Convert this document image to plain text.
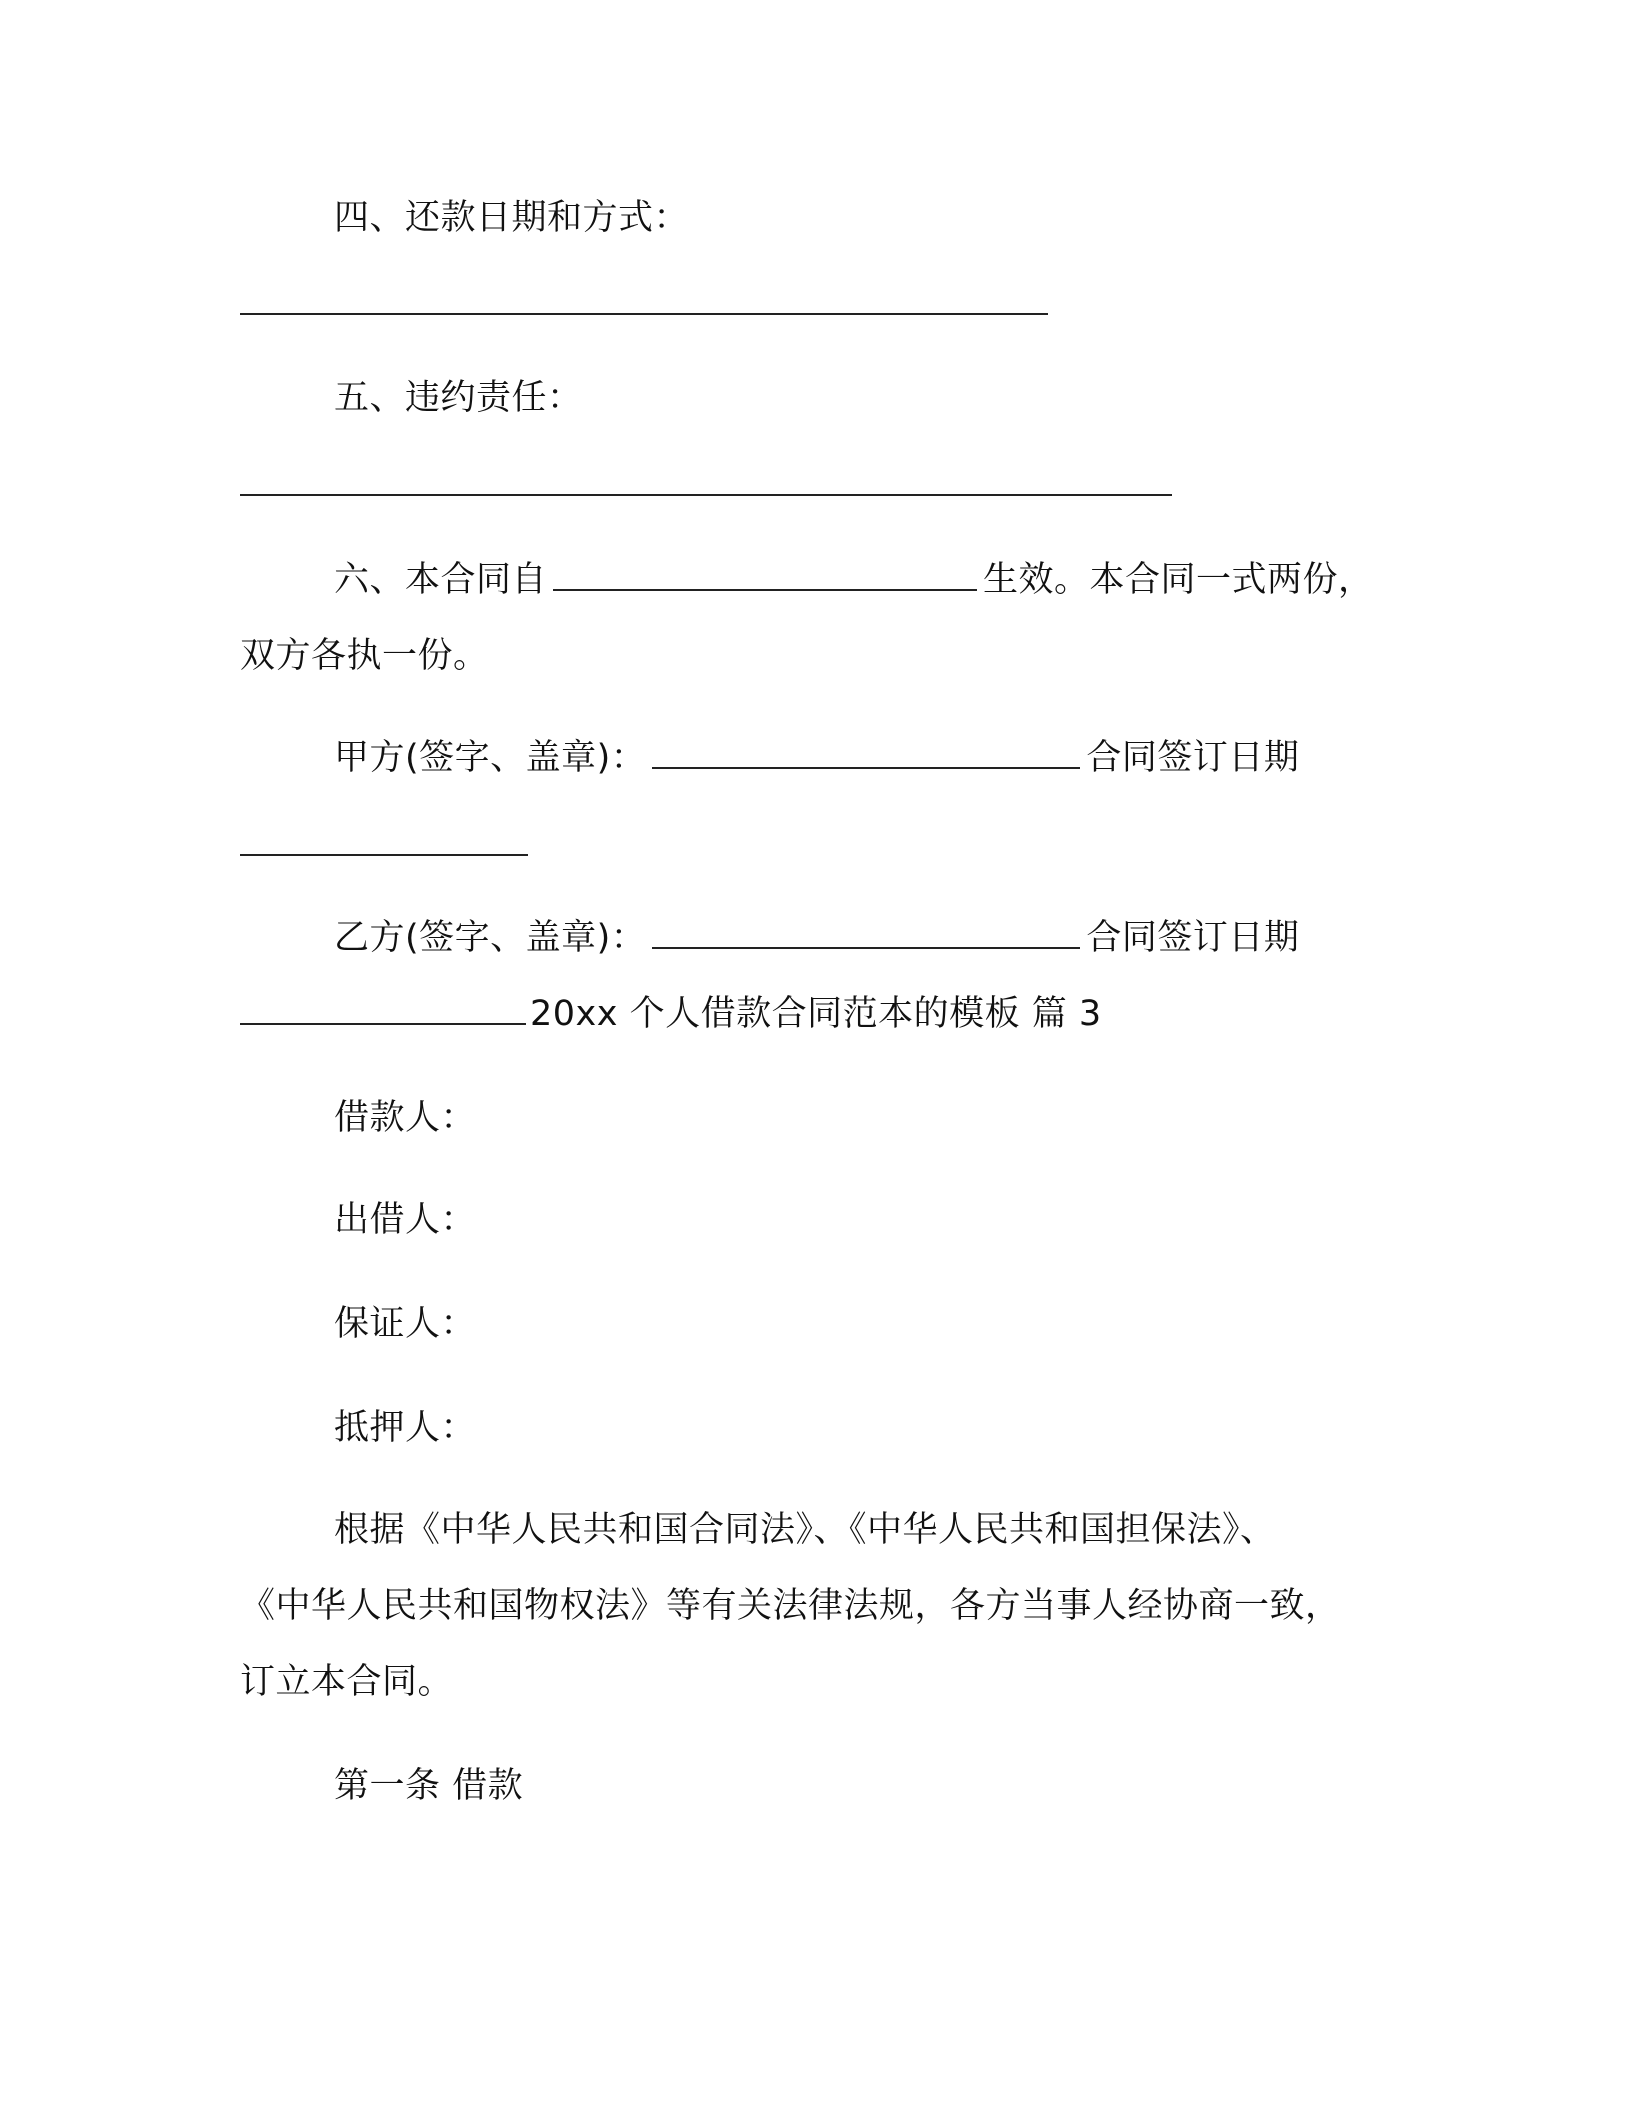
四、还款日期和方式：
五、违约责任：
六、本合同自	生效。本合同一式两份，
双方各执一份。
甲方(签字、盖章)：	合同签订日期
乙方(签字、盖章)：	合同签订日期
20xx 个人借款合同范本的模板 篇 3
借款人：
出借人：
保证人：
抵押人：
根据《中华人民共和国合同法》、《中华人民共和国担保法》、
《中华人民共和国物权法》等有关法律法规，各方当事人经协商一致，
订立本合同。
第一条 借款
